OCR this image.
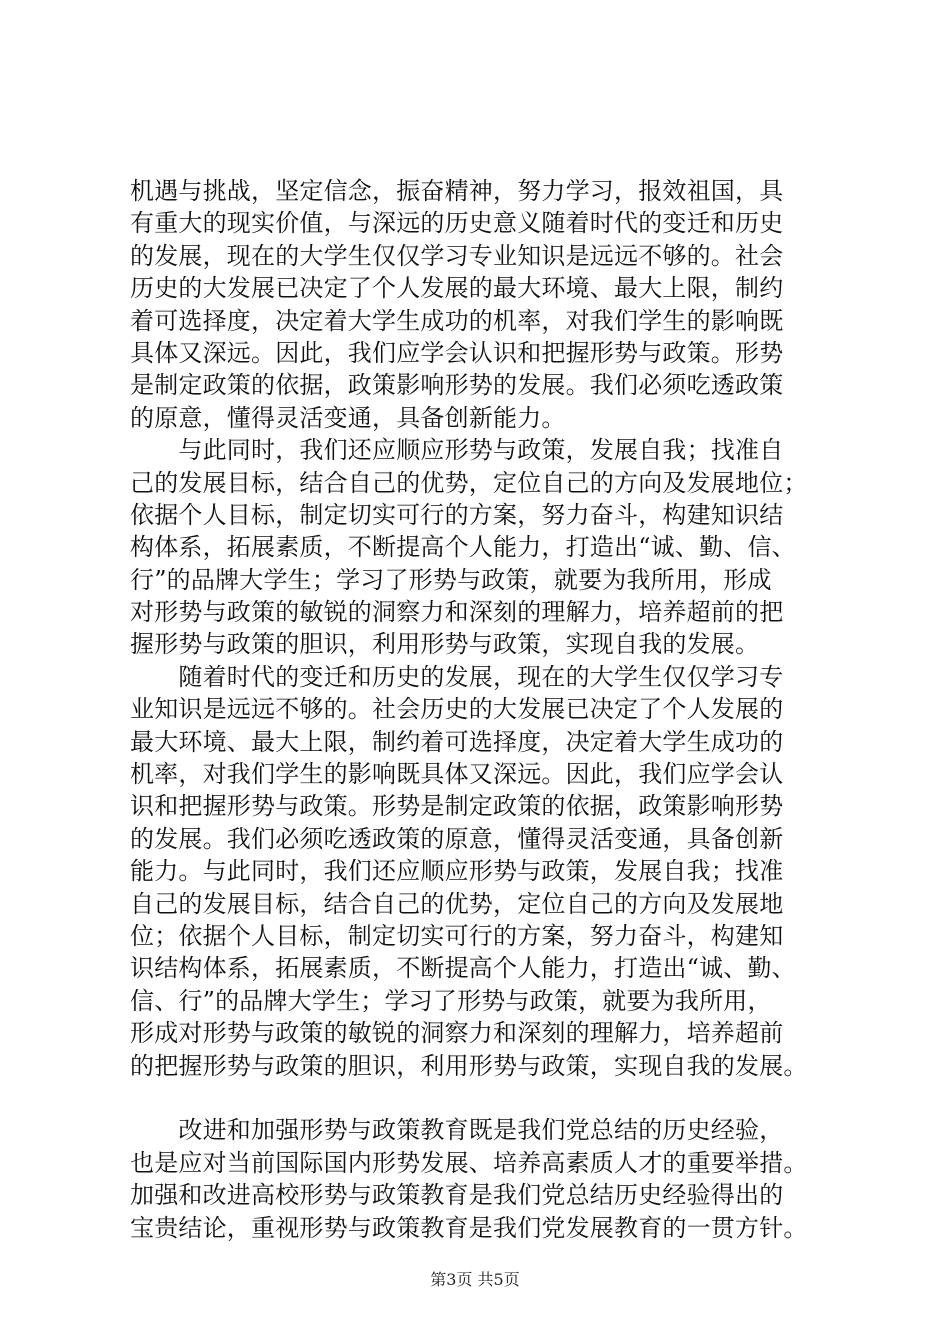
机遇与挑战，坚定信念，振奋精神，努力学习，报效祖国，具
有重大的现实价值，与深远的历史意义随着时代的变迁和历史
的发展，现在的大学生仅仅学习专业知识是远远不够的。社会
历史的大发展已决定了个人发展的最大环境、最大上限，制约
着可选择度，决定着大学生成功的机率，对我们学生的影响既
具体又深远。因此，我们应学会认识和把握形势与政策。形势
是制定政策的依据，政策影响形势的发展。我们必须吃透政策
的原意，懂得灵活变通，具备创新能力。
　　与此同时，我们还应顺应形势与政策，发展自我；找准自
己的发展目标，结合自己的优势，定位自己的方向及发展地位；
依据个人目标，制定切实可行的方案，努力奋斗，构建知识结
构体系，拓展素质，不断提高个人能力，打造出“诚、勤、信、
行”的品牌大学生；学习了形势与政策，就要为我所用，形成
对形势与政策的敏锐的洞察力和深刻的理解力，培养超前的把
握形势与政策的胆识，利用形势与政策，实现自我的发展。
　　随着时代的变迁和历史的发展，现在的大学生仅仅学习专
业知识是远远不够的。社会历史的大发展已决定了个人发展的
最大环境、最大上限，制约着可选择度，决定着大学生成功的
机率，对我们学生的影响既具体又深远。因此，我们应学会认
识和把握形势与政策。形势是制定政策的依据，政策影响形势
的发展。我们必须吃透政策的原意，懂得灵活变通，具备创新
能力。与此同时，我们还应顺应形势与政策，发展自我；找准
自己的发展目标，结合自己的优势，定位自己的方向及发展地
位；依据个人目标，制定切实可行的方案，努力奋斗，构建知
识结构体系，拓展素质，不断提高个人能力，打造出“诚、勤、
信、行”的品牌大学生；学习了形势与政策，就要为我所用，
形成对形势与政策的敏锐的洞察力和深刻的理解力，培养超前
的把握形势与政策的胆识，利用形势与政策，实现自我的发展。
　　改进和加强形势与政策教育既是我们党总结的历史经验，
也是应对当前国际国内形势发展、培养高素质人才的重要举措。
加强和改进高校形势与政策教育是我们党总结历史经验得出的
宝贵结论，重视形势与政策教育是我们党发展教育的一贯方针。
第3页 共5页
